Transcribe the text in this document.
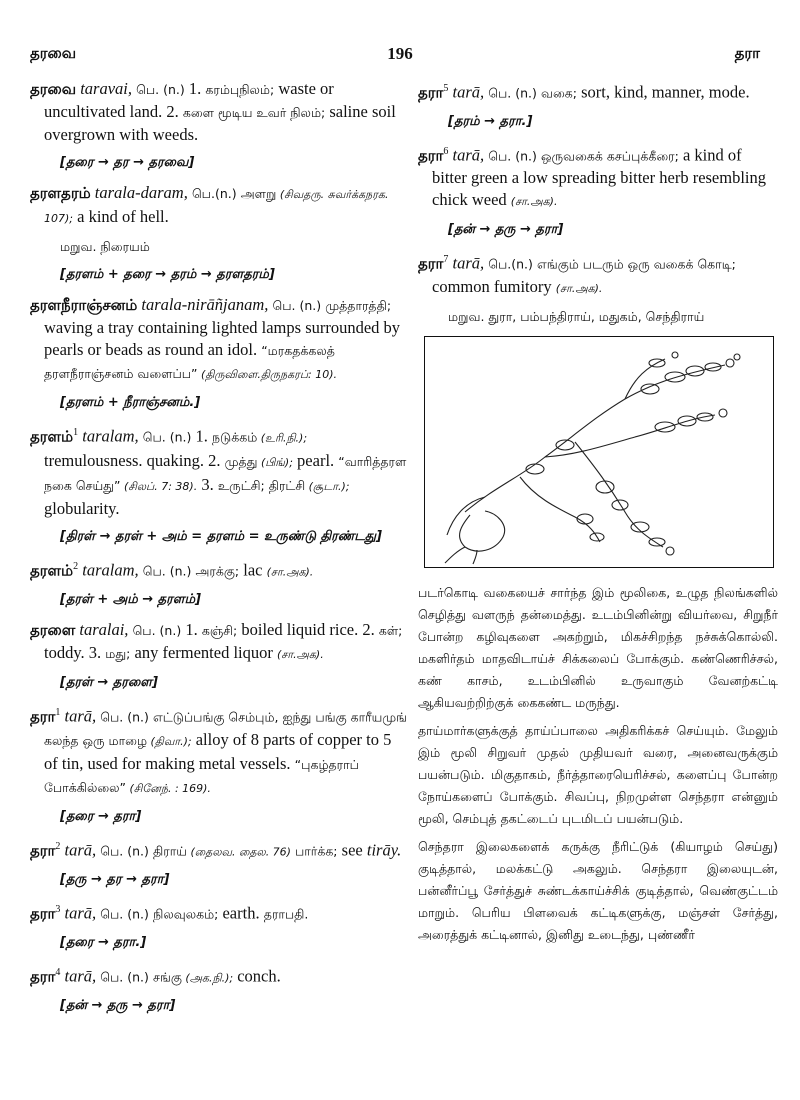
தரவை	196	தரா
தரவை taravai, பெ. (n.) 1. கரம்புநிலம்; waste or uncultivated land. 2. களை மூடிய உவர் நிலம்; saline soil overgrown with weeds.
[தரை → தர → தரவை]
தரளதரம் tarala-daram, பெ.(n.) அளறு (சிவதரு. சுவர்க்கநரக. 107); a kind of hell.
மறுவ. நிரையம்
[தரளம் + தரை → தரம் → தரளதரம்]
தரளநீராஞ்சனம் tarala-nirāñjanam, பெ. (n.) முத்தாரத்தி; waving a tray containing lighted lamps surrounded by pearls or beads as round an idol. “மரகதக்கலத் தரளநீராஞ்சனம் வளைப்ப” (திருவிளை.திருநகரப்: 10).
[தரளம் + நீராஞ்சனம்.]
தரளம்$^1$ taralam, பெ. (n.) 1. நடுக்கம் (உரி.நி.); tremulousness. quaking. 2. முத்து (பிங்); pearl. “வாரித்தரள நகை செய்து” (சிலப். 7: 38). 3. உருட்சி; திரட்சி (சூடா.); globularity.
[திரள் → தரள் + அம் = தரளம் = உருண்டு திரண்டது]
தரளம்$^2$ taralam, பெ. (n.) அரக்கு; lac (சா.அக).
[தரள் + அம் → தரளம்]
தரளை taralai, பெ. (n.) 1. கஞ்சி; boiled liquid rice. 2. கள்; toddy. 3. மது; any fermented liquor (சா.அக).
[தரள் → தரளை]
தரா$^1$ tarā, பெ. (n.) எட்டுப்பங்கு செம்பும், ஐந்து பங்கு காரீயமுங் கலந்த ஒரு மாழை (திவா.); alloy of 8 parts of copper to 5 of tin, used for making metal vessels. “புகழ்தராப் போக்கில்லை” (சினேந். : 169).
[தரை → தரா]
தரா$^2$ tarā, பெ. (n.) திராய் (தைலவ. தைல. 76) பார்க்க; see tirāy.
[தரு → தர → தரா]
தரா$^3$ tarā, பெ. (n.) நிலவுலகம்; earth. தராபதி.
[தரை → தரா.]
தரா$^4$ tarā, பெ. (n.) சங்கு (அக.நி.); conch.
[தன் → தரு → தரா]
தரா$^5$ tarā, பெ. (n.) வகை; sort, kind, manner, mode.
[தரம் → தரா.]
தரா$^6$ tarā, பெ. (n.) ஒருவகைக் கசப்புக்கீரை; a kind of bitter green a low spreading bitter herb resembling chick weed (சா.அக).
[தன் → தரு → தரா]
தரா$^7$ tarā, பெ.(n.) எங்கும் படரும் ஒரு வகைக் கொடி; common fumitory (சா.அக).
மறுவ. துரா, பம்பந்திராய், மதுகம், செந்திராய்

படர்கொடி வகையைச் சார்ந்த இம் மூலிகை, உழுத நிலங்களில் செழித்து வளருந் தன்மைத்து. உடம்பினின்று வியர்வை, சிறுநீர் போன்ற கழிவுகளை அகற்றும், மிகச்சிறந்த நச்சுக்கொல்லி. மகளிர்தம் மாதவிடாய்ச் சிக்கலைப் போக்கும். கண்ணெரிச்சல், கண் காசம், உடம்பினில் உருவாகும் வேனற்கட்டி ஆகியவற்றிற்குக் கைகண்ட மருந்து.

தாய்மார்களுக்குத் தாய்ப்பாலை அதிகரிக்கச் செய்யும். மேலும் இம் மூலி சிறுவர் முதல் முதியவர் வரை, அனைவருக்கும் பயன்படும். மிகுதாகம், நீர்த்தாரையெரிச்சல், களைப்பு போன்ற நோய்களைப் போக்கும். சிவப்பு, நிறமுள்ள செந்தரா என்னும் மூலி, செம்புத் தகட்டைப் புடமிடப் பயன்படும்.

செந்தரா இலைகளைக் கருக்கு நீரிட்டுக் (கியாழம் செய்து) குடித்தால், மலக்கட்டு அகலும். செந்தரா இலையுடன், பன்னீர்ப்பூ சேர்த்துச் சுண்டக்காய்ச்சிக் குடித்தால், வெண்குட்டம் மாறும். பெரிய பிளவைக் கட்டிகளுக்கு, மஞ்சள் சேர்த்து, அரைத்துக் கட்டினால், இனிது உடைந்து, புண்ணீர்
